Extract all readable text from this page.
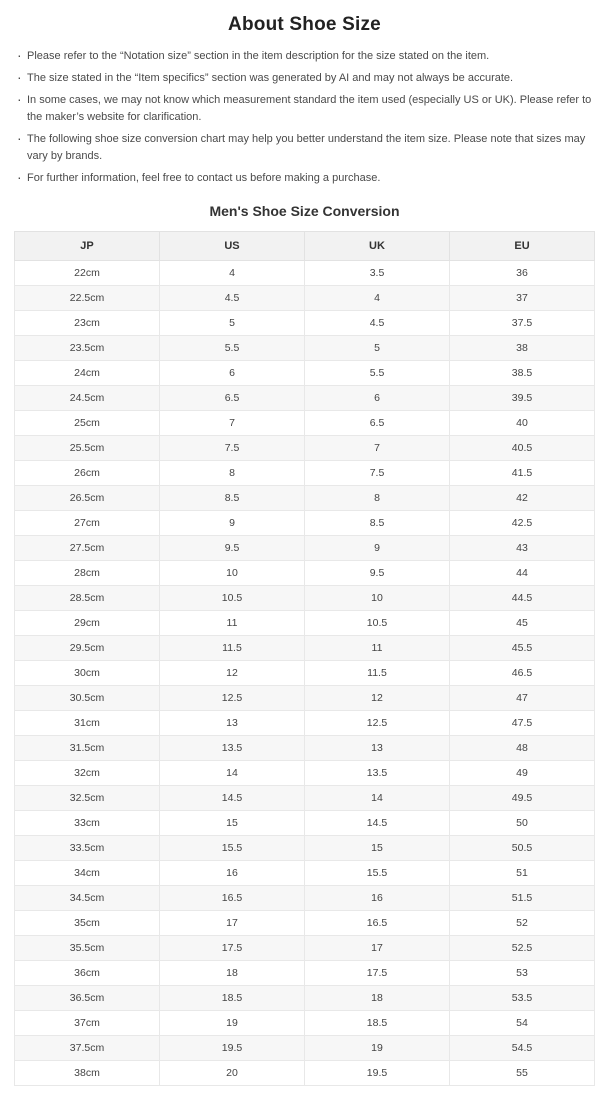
About Shoe Size
· Please refer to the “Notation size” section in the item description for the size stated on the item.
· The size stated in the “Item specifics” section was generated by AI and may not always be accurate.
· In some cases, we may not know which measurement standard the item used (especially US or UK). Please refer to the maker’s website for clarification.
· The following shoe size conversion chart may help you better understand the item size. Please note that sizes may vary by brands.
· For further information, feel free to contact us before making a purchase.
Men's Shoe Size Conversion
JP	US	UK	EU
22cm	4	3.5	36
22.5cm	4.5	4	37
23cm	5	4.5	37.5
23.5cm	5.5	5	38
24cm	6	5.5	38.5
24.5cm	6.5	6	39.5
25cm	7	6.5	40
25.5cm	7.5	7	40.5
26cm	8	7.5	41.5
26.5cm	8.5	8	42
27cm	9	8.5	42.5
27.5cm	9.5	9	43
28cm	10	9.5	44
28.5cm	10.5	10	44.5
29cm	11	10.5	45
29.5cm	11.5	11	45.5
30cm	12	11.5	46.5
30.5cm	12.5	12	47
31cm	13	12.5	47.5
31.5cm	13.5	13	48
32cm	14	13.5	49
32.5cm	14.5	14	49.5
33cm	15	14.5	50
33.5cm	15.5	15	50.5
34cm	16	15.5	51
34.5cm	16.5	16	51.5
35cm	17	16.5	52
35.5cm	17.5	17	52.5
36cm	18	17.5	53
36.5cm	18.5	18	53.5
37cm	19	18.5	54
37.5cm	19.5	19	54.5
38cm	20	19.5	55
